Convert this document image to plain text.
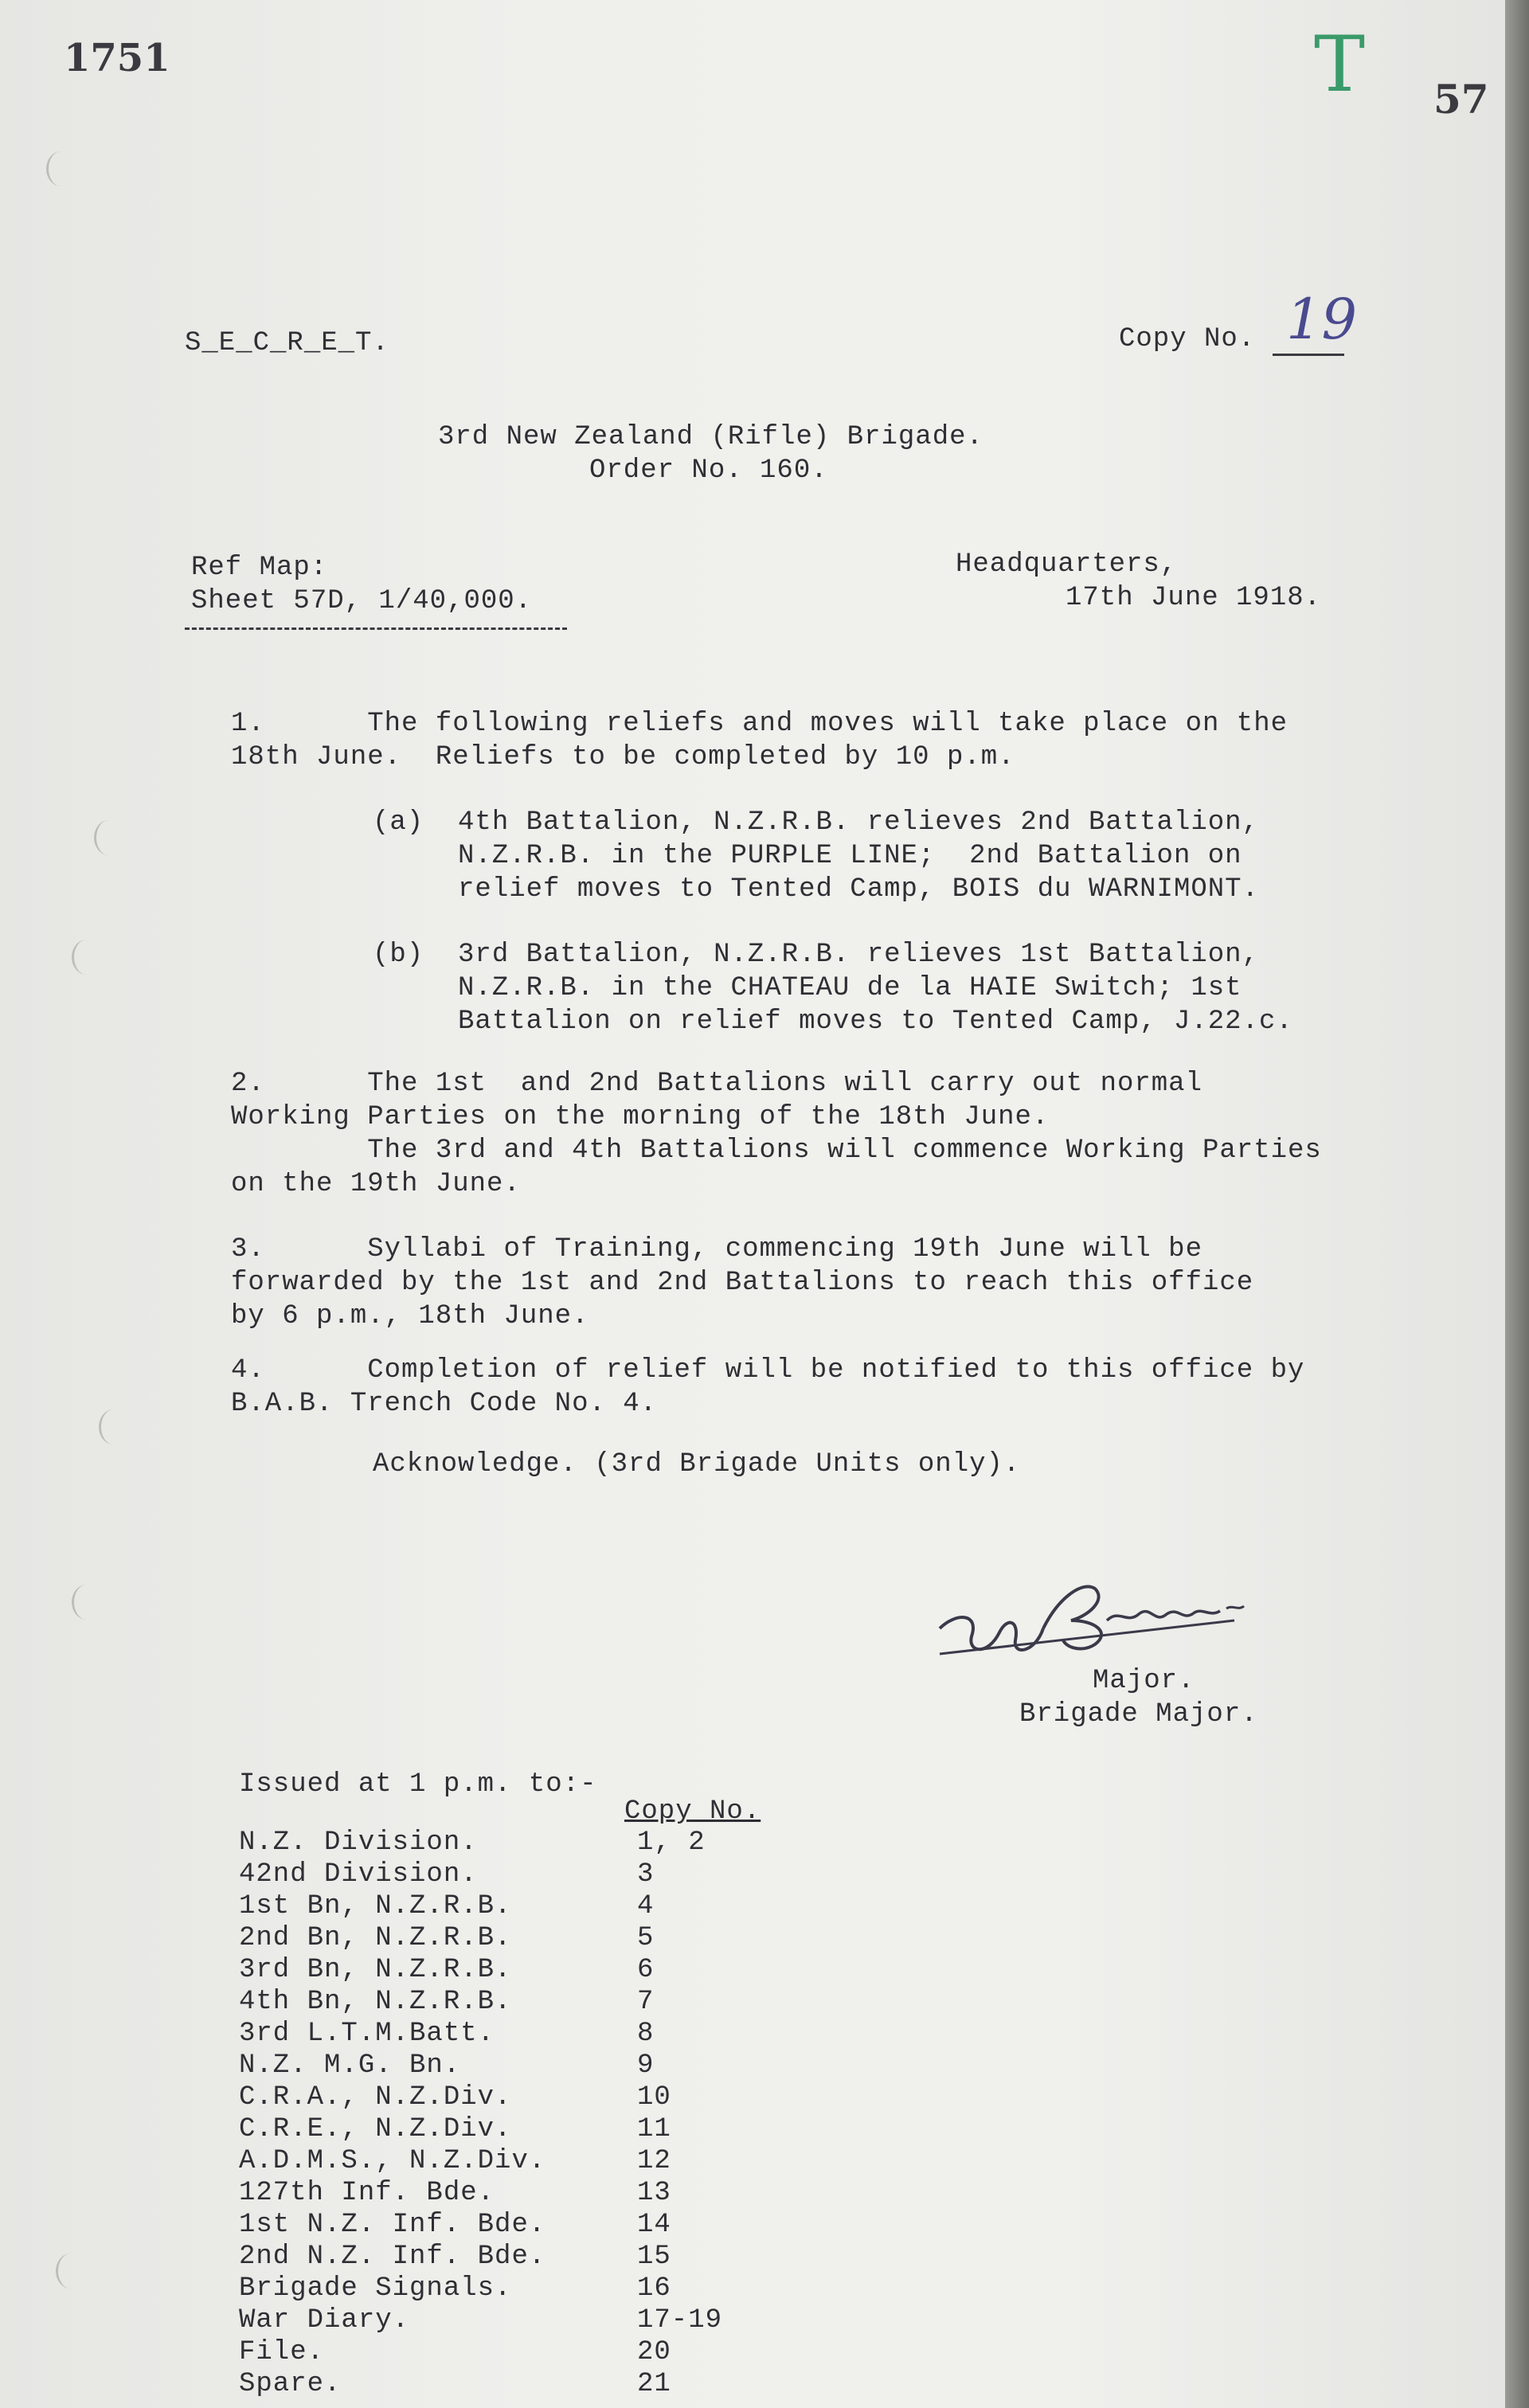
1751	T 57
S_E_C_R_E_T.	Copy No. 19
3rd New Zealand (Rifle) Brigade.
Order No. 160.
Ref Map:
Sheet 57D, 1/40,000.
Headquarters,
17th June 1918.
1.      The following reliefs and moves will take place on the
18th June.  Reliefs to be completed by 10 p.m.
(a)  4th Battalion, N.Z.R.B. relieves 2nd Battalion,
N.Z.R.B. in the PURPLE LINE;  2nd Battalion on
relief moves to Tented Camp, BOIS du WARNIMONT.
(b)  3rd Battalion, N.Z.R.B. relieves 1st Battalion,
N.Z.R.B. in the CHATEAU de la HAIE Switch; 1st
Battalion on relief moves to Tented Camp, J.22.c.
2.      The 1st  and 2nd Battalions will carry out normal
Working Parties on the morning of the 18th June.
The 3rd and 4th Battalions will commence Working Parties
on the 19th June.
3.      Syllabi of Training, commencing 19th June will be
forwarded by the 1st and 2nd Battalions to reach this office
by 6 p.m., 18th June.
4.      Completion of relief will be notified to this office by
B.A.B. Trench Code No. 4.
Acknowledge. (3rd Brigade Units only).
Major.
Brigade Major.
Issued at 1 p.m. to:-
Copy No.
N.Z. Division.	1, 2
42nd Division.	3
1st Bn, N.Z.R.B.	4
2nd Bn, N.Z.R.B.	5
3rd Bn, N.Z.R.B.	6
4th Bn, N.Z.R.B.	7
3rd L.T.M.Batt.	8
N.Z. M.G. Bn.	9
C.R.A., N.Z.Div.	10
C.R.E., N.Z.Div.	11
A.D.M.S., N.Z.Div.	12
127th Inf. Bde.	13
1st N.Z. Inf. Bde.	14
2nd N.Z. Inf. Bde.	15
Brigade Signals.	16
War Diary.	17-19
File.	20
Spare.	21
